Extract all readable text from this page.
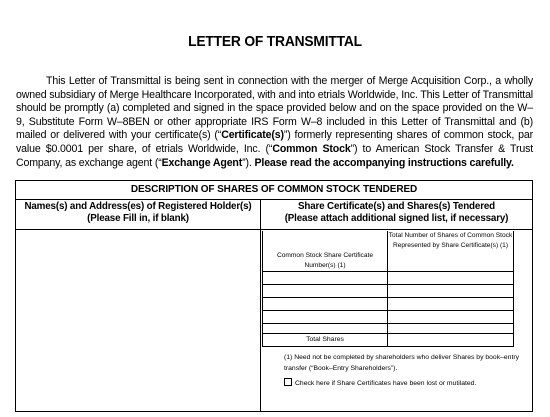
LETTER OF TRANSMITTAL
This Letter of Transmittal is being sent in connection with the merger of Merge Acquisition Corp., a wholly owned subsidiary of Merge Healthcare Incorporated, with and into etrials Worldwide, Inc. This Letter of Transmittal should be promptly (a) completed and signed in the space provided below and on the space provided on the W–9, Substitute Form W–8BEN or other appropriate IRS Form W–8 included in this Letter of Transmittal and (b) mailed or delivered with your certificate(s) (“Certificate(s)”) formerly representing shares of common stock, par value $0.0001 per share, of etrials Worldwide, Inc. (“Common Stock”) to American Stock Transfer & Trust Company, as exchange agent (“Exchange Agent”). Please read the accompanying instructions carefully.
DESCRIPTION OF SHARES OF COMMON STOCK TENDERED
Names(s) and Address(es) of Registered Holder(s)
(Please Fill in, if blank)
Share Certificate(s) and Shares(s) Tendered
(Please attach additional signed list, if necessary)
Common Stock Share Certificate Number(s) (1)
Total Number of Shares of Common Stock Represented by Share Certificate(s) (1)
Total Shares
(1) Need not be completed by shareholders who deliver Shares by book–entry transfer (“Book–Entry Shareholders”).
Check here if Share Certificates have been lost or mutilated.
